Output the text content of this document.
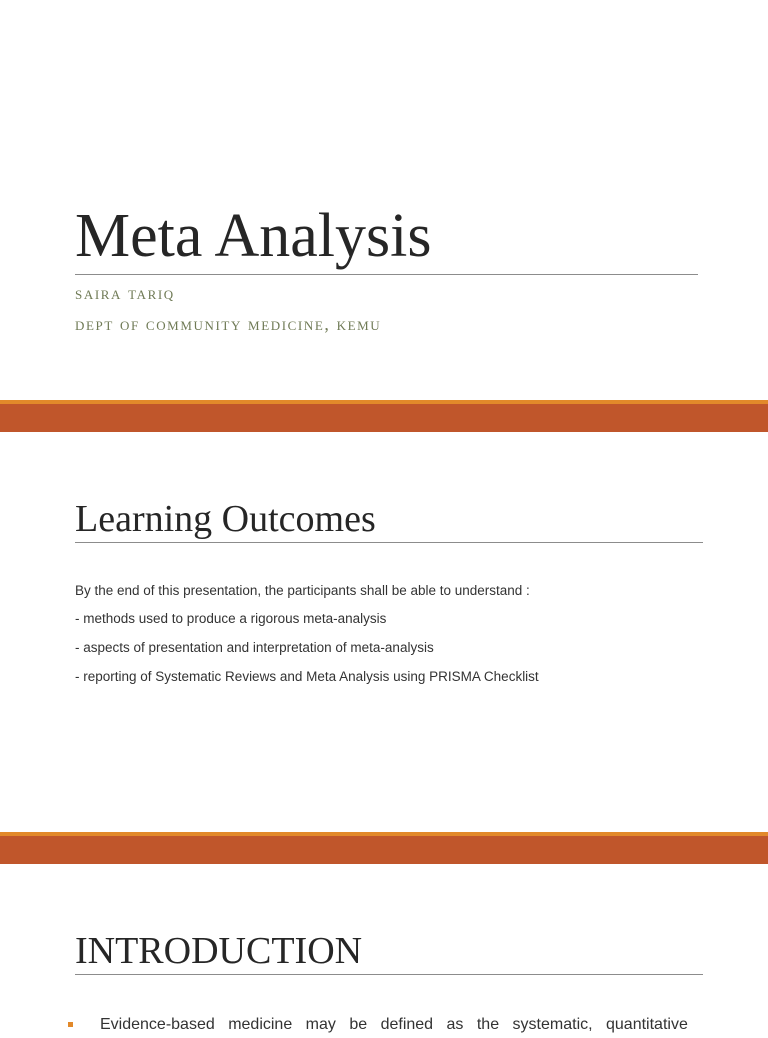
Meta Analysis

saira tariq

dept of community medicine, kemu

Learning Outcomes

By the end of this presentation, the participants shall be able to understand :

- methods used to produce a rigorous meta-analysis

- aspects of presentation and interpretation of meta-analysis

- reporting of Systematic Reviews and Meta Analysis using PRISMA Checklist

INTRODUCTION

Evidence-based medicine may be defined as the systematic, quantitative
